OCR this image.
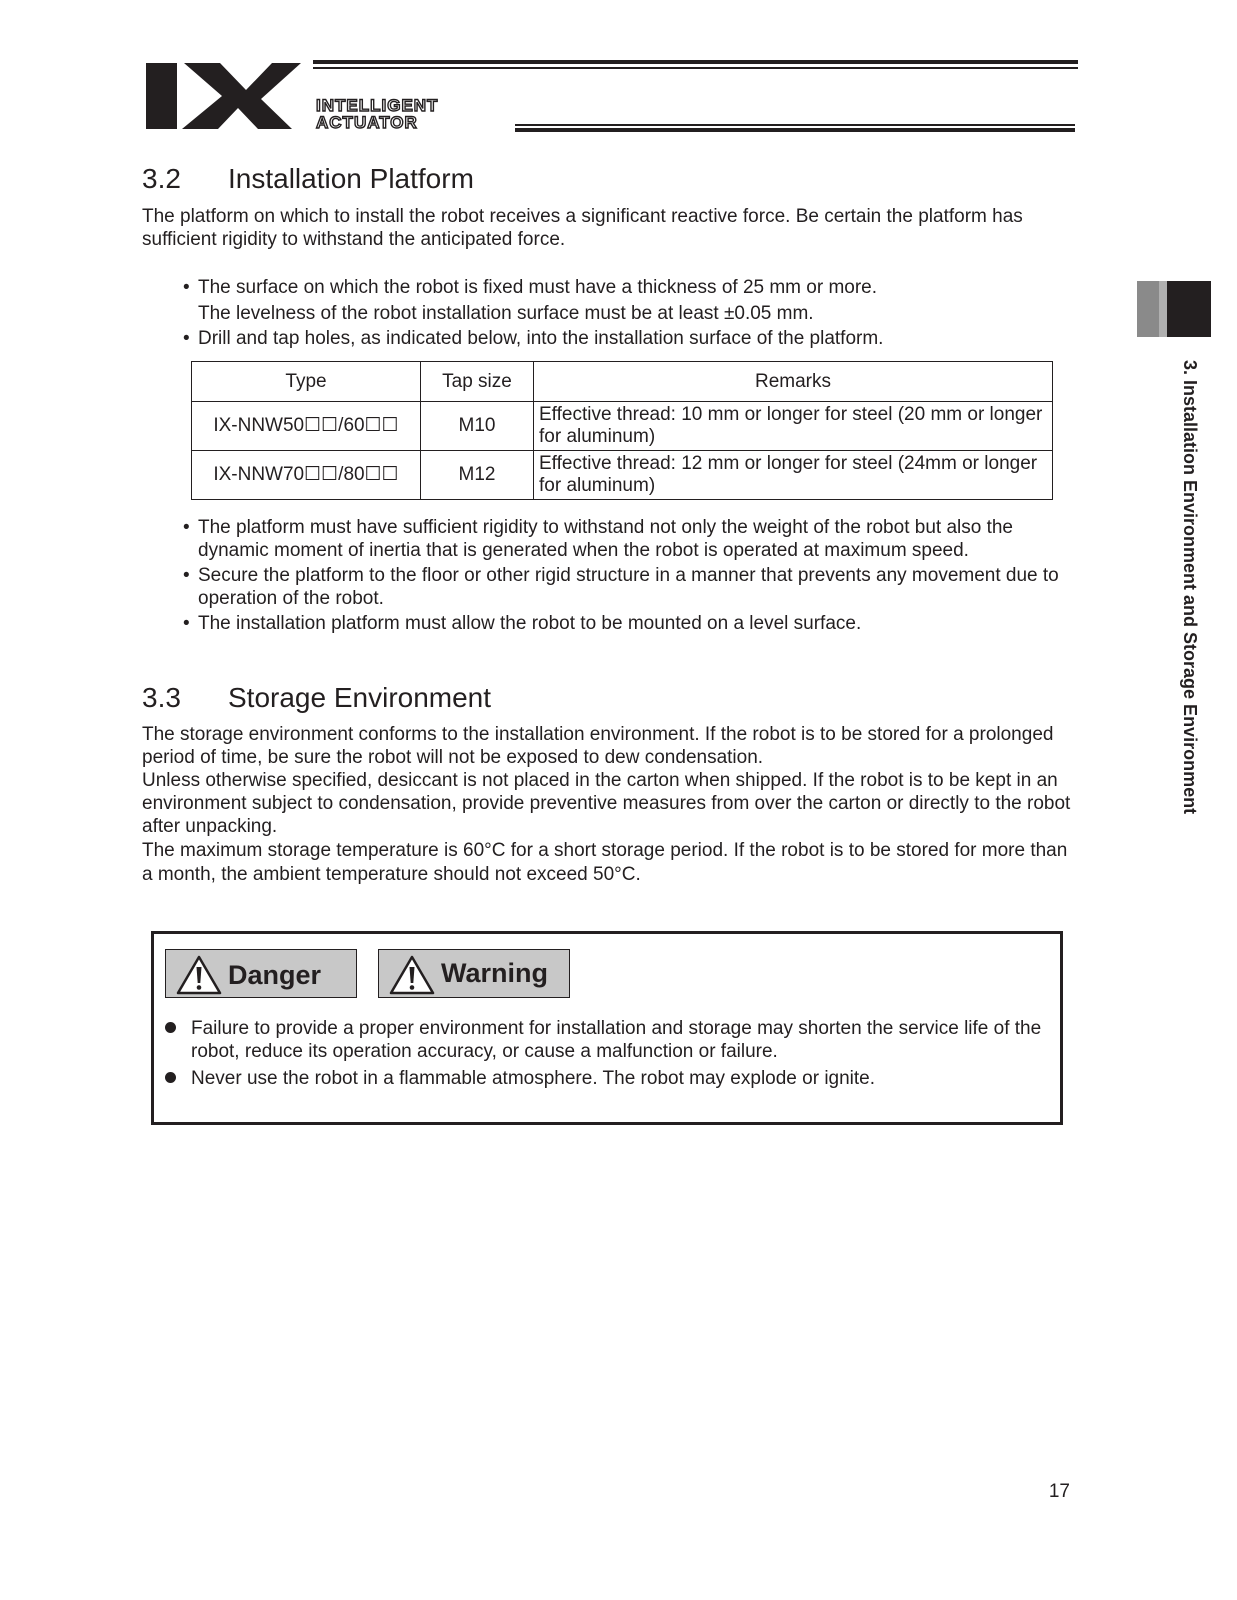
INTELLIGENT
ACTUATOR
3. Installation Environment and Storage Environment
3.2 Installation Platform
The platform on which to install the robot receives a significant reactive force. Be certain the platform has sufficient rigidity to withstand the anticipated force.
• The surface on which the robot is fixed must have a thickness of 25 mm or more.
The levelness of the robot installation surface must be at least ±0.05 mm.
• Drill and tap holes, as indicated below, into the installation surface of the platform.
Type	Tap size	Remarks
IX-NNW50☐☐/60☐☐	M10	Effective thread: 10 mm or longer for steel (20 mm or longer for aluminum)
IX-NNW70☐☐/80☐☐	M12	Effective thread: 12 mm or longer for steel (24mm or longer for aluminum)
• The platform must have sufficient rigidity to withstand not only the weight of the robot but also the dynamic moment of inertia that is generated when the robot is operated at maximum speed.
• Secure the platform to the floor or other rigid structure in a manner that prevents any movement due to operation of the robot.
• The installation platform must allow the robot to be mounted on a level surface.
3.3 Storage Environment
The storage environment conforms to the installation environment. If the robot is to be stored for a prolonged period of time, be sure the robot will not be exposed to dew condensation.
Unless otherwise specified, desiccant is not placed in the carton when shipped. If the robot is to be kept in an environment subject to condensation, provide preventive measures from over the carton or directly to the robot after unpacking.
The maximum storage temperature is 60°C for a short storage period. If the robot is to be stored for more than a month, the ambient temperature should not exceed 50°C.
Danger	Warning
Failure to provide a proper environment for installation and storage may shorten the service life of the robot, reduce its operation accuracy, or cause a malfunction or failure.
Never use the robot in a flammable atmosphere. The robot may explode or ignite.
17
